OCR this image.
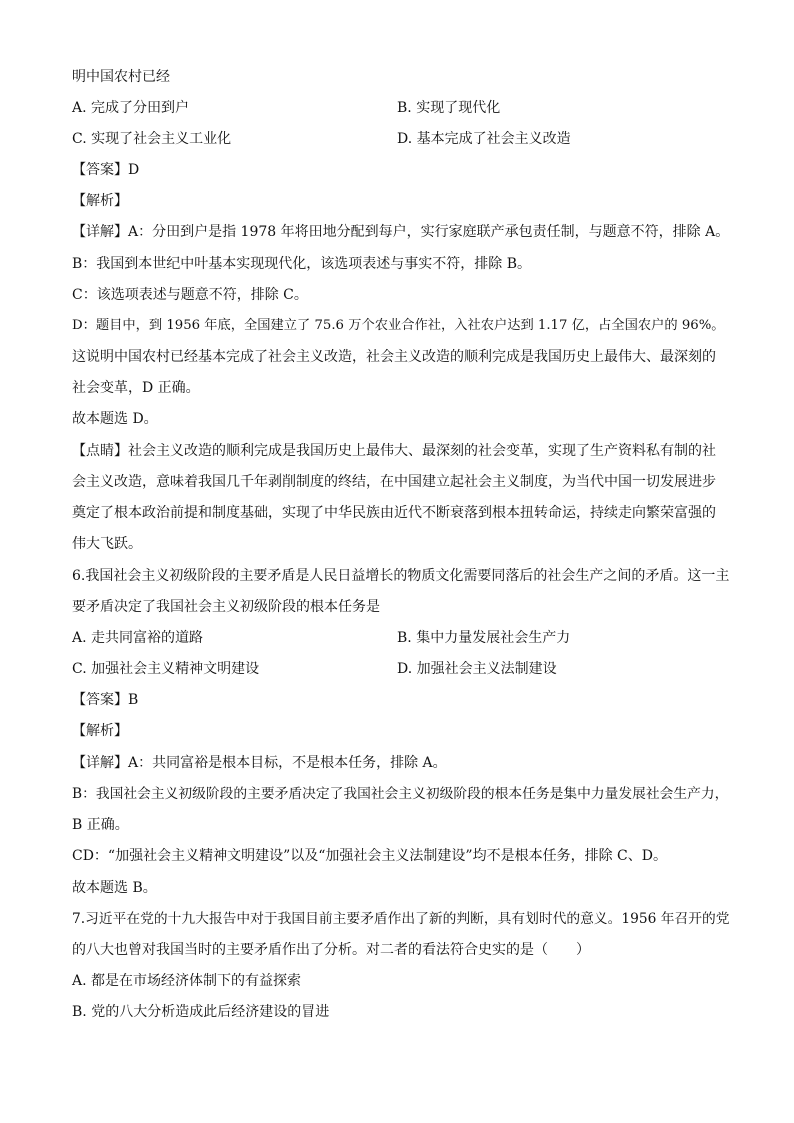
明中国农村已经
A. 完成了分田到户	B. 实现了现代化
C. 实现了社会主义工业化	D. 基本完成了社会主义改造
【答案】D
【解析】
【详解】A：分田到户是指 1978 年将田地分配到每户，实行家庭联产承包责任制，与题意不符，排除 A。
B：我国到本世纪中叶基本实现现代化，该选项表述与事实不符，排除 B。
C：该选项表述与题意不符，排除 C。
D：题目中，到 1956 年底，全国建立了 75.6 万个农业合作社，入社农户达到 1.17 亿，占全国农户的 96%。
这说明中国农村已经基本完成了社会主义改造，社会主义改造的顺利完成是我国历史上最伟大、最深刻的
社会变革，D 正确。
故本题选 D。
【点睛】社会主义改造的顺利完成是我国历史上最伟大、最深刻的社会变革，实现了生产资料私有制的社
会主义改造，意味着我国几千年剥削制度的终结，在中国建立起社会主义制度，为当代中国一切发展进步
奠定了根本政治前提和制度基础，实现了中华民族由近代不断衰落到根本扭转命运，持续走向繁荣富强的
伟大飞跃。
6.我国社会主义初级阶段的主要矛盾是人民日益增长的物质文化需要同落后的社会生产之间的矛盾。这一主
要矛盾决定了我国社会主义初级阶段的根本任务是
A. 走共同富裕的道路	B. 集中力量发展社会生产力
C. 加强社会主义精神文明建设	D. 加强社会主义法制建设
【答案】B
【解析】
【详解】A：共同富裕是根本目标，不是根本任务，排除 A。
B：我国社会主义初级阶段的主要矛盾决定了我国社会主义初级阶段的根本任务是集中力量发展社会生产力，
B 正确。
CD：“加强社会主义精神文明建设”以及“加强社会主义法制建设”均不是根本任务，排除 C、D。
故本题选 B。
7.习近平在党的十九大报告中对于我国目前主要矛盾作出了新的判断，具有划时代的意义。1956 年召开的党
的八大也曾对我国当时的主要矛盾作出了分析。对二者的看法符合史实的是（　　）
A. 都是在市场经济体制下的有益探索
B. 党的八大分析造成此后经济建设的冒进
